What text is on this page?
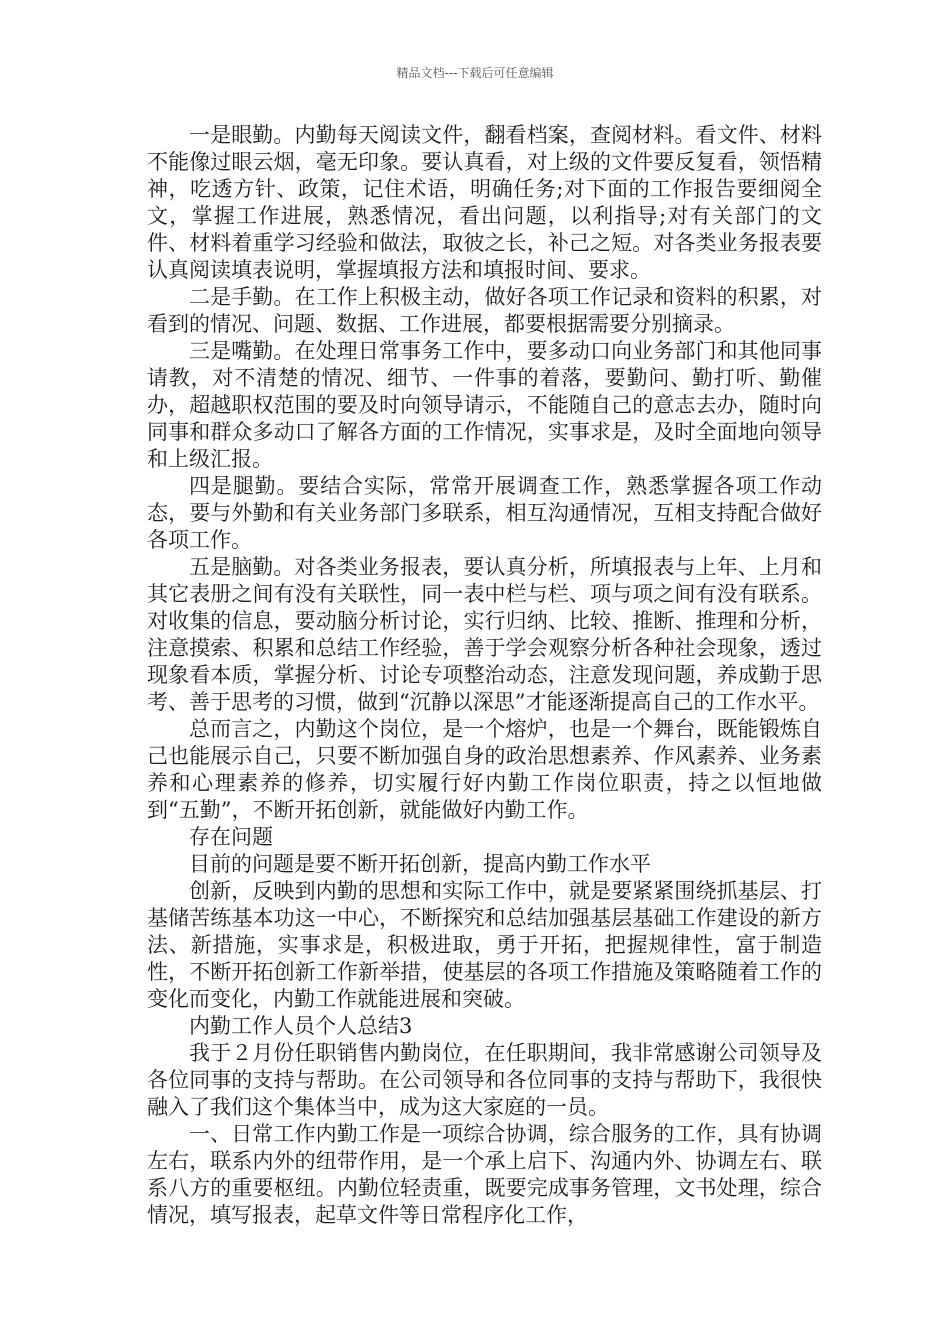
精品文档---下载后可任意编辑

一是眼勤。内勤每天阅读文件，翻看档案，查阅材料。看文件、材料不能像过眼云烟，毫无印象。要认真看，对上级的文件要反复看，领悟精神，吃透方针、政策，记住术语，明确任务;对下面的工作报告要细阅全文，掌握工作进展，熟悉情况，看出问题，以利指导;对有关部门的文件、材料着重学习经验和做法，取彼之长，补己之短。对各类业务报表要认真阅读填表说明，掌握填报方法和填报时间、要求。

二是手勤。在工作上积极主动，做好各项工作记录和资料的积累，对看到的情况、问题、数据、工作进展，都要根据需要分别摘录。

三是嘴勤。在处理日常事务工作中，要多动口向业务部门和其他同事请教，对不清楚的情况、细节、一件事的着落，要勤问、勤打听、勤催办，超越职权范围的要及时向领导请示，不能随自己的意志去办，随时向同事和群众多动口了解各方面的工作情况，实事求是，及时全面地向领导和上级汇报。

四是腿勤。要结合实际，常常开展调查工作，熟悉掌握各项工作动态，要与外勤和有关业务部门多联系，相互沟通情况，互相支持配合做好各项工作。

五是脑勤。对各类业务报表，要认真分析，所填报表与上年、上月和其它表册之间有没有关联性，同一表中栏与栏、项与项之间有没有联系。对收集的信息，要动脑分析讨论，实行归纳、比较、推断、推理和分析，注意摸索、积累和总结工作经验，善于学会观察分析各种社会现象，透过现象看本质，掌握分析、讨论专项整治动态，注意发现问题，养成勤于思考、善于思考的习惯，做到“沉静以深思”才能逐渐提高自己的工作水平。

总而言之，内勤这个岗位，是一个熔炉，也是一个舞台，既能锻炼自己也能展示自己，只要不断加强自身的政治思想素养、作风素养、业务素养和心理素养的修养，切实履行好内勤工作岗位职责，持之以恒地做到“五勤”，不断开拓创新，就能做好内勤工作。

存在问题

目前的问题是要不断开拓创新，提高内勤工作水平

创新，反映到内勤的思想和实际工作中，就是要紧紧围绕抓基层、打基储苦练基本功这一中心，不断探究和总结加强基层基础工作建设的新方法、新措施，实事求是，积极进取，勇于开拓，把握规律性，富于制造性，不断开拓创新工作新举措，使基层的各项工作措施及策略随着工作的变化而变化，内勤工作就能进展和突破。

内勤工作人员个人总结3

我于２月份任职销售内勤岗位，在任职期间，我非常感谢公司领导及各位同事的支持与帮助。在公司领导和各位同事的支持与帮助下，我很快融入了我们这个集体当中，成为这大家庭的一员。

一、日常工作内勤工作是一项综合协调，综合服务的工作，具有协调左右，联系内外的纽带作用，是一个承上启下、沟通内外、协调左右、联系八方的重要枢纽。内勤位轻责重，既要完成事务管理，文书处理，综合情况，填写报表，起草文件等日常程序化工作，
